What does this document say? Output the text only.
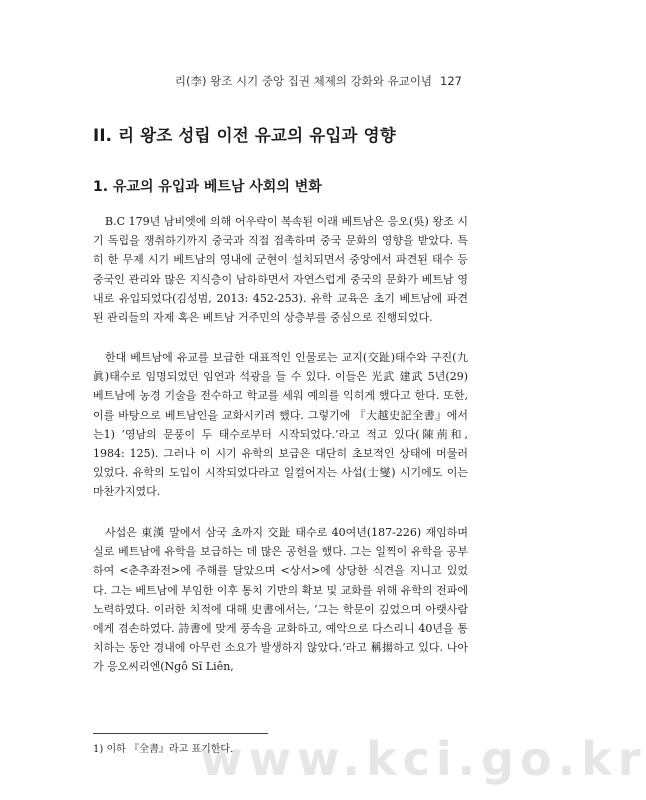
리(李) 왕조 시기 중앙 집권 체제의 강화와 유교이념 127
II. 리 왕조 성립 이전 유교의 유입과 영향
1. 유교의 유입과 베트남 사회의 변화

B.C 179년 남비엣에 의해 어우락이 복속된 이래 베트남은 응오(吳) 왕조 시기 독립을 쟁취하기까지 중국과 직접 접촉하며 중국 문화의 영향을 받았다. 특히 한 무제 시기 베트남의 영내에 군현이 설치되면서 중앙에서 파견된 태수 등 중국인 관리와 많은 지식층이 남하하면서 자연스럽게 중국의 문화가 베트남 영내로 유입되었다(김성범, 2013: 452-253). 유학 교육은 초기 베트남에 파견된 관리들의 자제 혹은 베트남 거주민의 상층부를 중심으로 진행되었다.

한대 베트남에 유교를 보급한 대표적인 인물로는 교지(交趾)태수와 구진(九眞)태수로 임명되었던 임연과 석광을 들 수 있다. 이들은 光武 建武 5년(29) 베트남에 농경 기술을 전수하고 학교를 세워 예의를 익히게 했다고 한다. 또한, 이를 바탕으로 베트남인을 교화시키려 했다. 그렇기에 『大越史記全書』에서는1) ‘영남의 문풍이 두 태수로부터 시작되었다.’라고 적고 있다(陳荊和, 1984: 125). 그러나 이 시기 유학의 보급은 대단히 초보적인 상태에 머물러 있었다. 유학의 도입이 시작되었다라고 일컬어지는 사섭(士燮) 시기에도 이는 마찬가지였다.

사섭은 東漢 말에서 삼국 초까지 交趾 태수로 40여년(187-226) 재임하며 실로 베트남에 유학을 보급하는 데 많은 공헌을 했다. 그는 일찍이 유학을 공부하여 <춘추좌전>에 주해를 달았으며 <상서>에 상당한 식견을 지니고 있었다. 그는 베트남에 부임한 이후 통치 기반의 확보 및 교화를 위해 유학의 전파에 노력하였다. 이러한 치적에 대해 史書에서는, ‘그는 학문이 깊었으며 아랫사람에게 겸손하였다. 詩書에 맞게 풍속을 교화하고, 예악으로 다스리니 40년을 통치하는 동안 경내에 아무런 소요가 발생하지 않았다.’라고 稱揚하고 있다. 나아가 응오씨리엔(Ngô Sĩ Liên,

www.kci.go.kr
1) 이하 『全書』라고 표기한다.
